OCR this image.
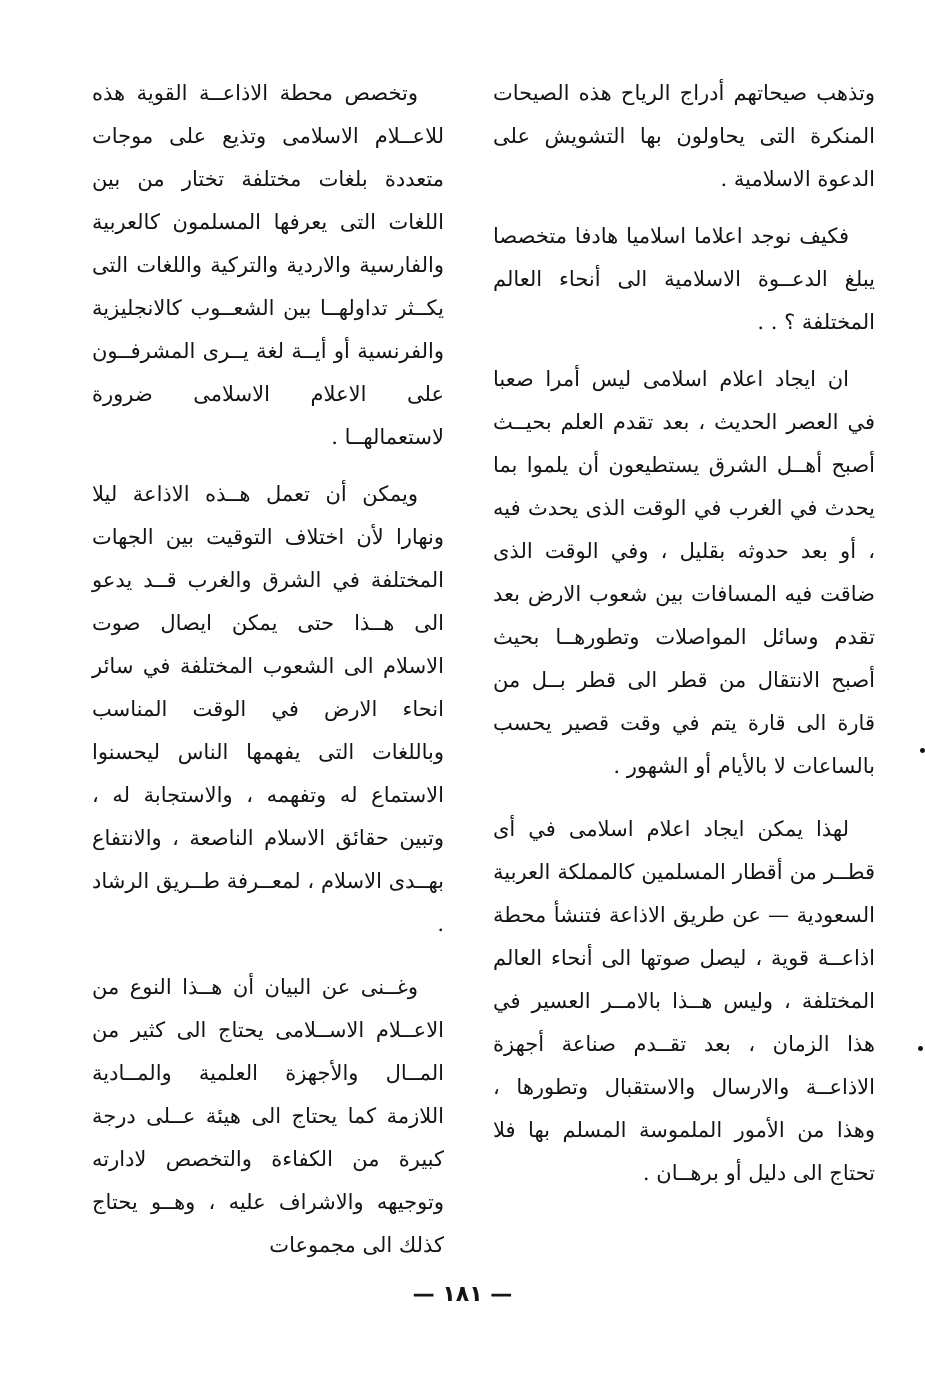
وتذهب صيحاتهم أدراج الرياح هذه الصيحات المنكرة التى يحاولون بها التشويش على الدعوة الاسلامية .

فكيف نوجد اعلاما اسلاميا هادفا متخصصا يبلغ الدعــوة الاسلامية الى أنحاء العالم المختلفة ؟ . .

ان ايجاد اعلام اسلامى ليس أمرا صعبا في العصر الحديث ، بعد تقدم العلم بحيــث أصبح أهــل الشرق يستطيعون أن يلموا بما يحدث في الغرب في الوقت الذى يحدث فيه ، أو بعد حدوثه بقليل ، وفي الوقت الذى ضاقت فيه المسافات بين شعوب الارض بعد تقدم وسائل المواصلات وتطورهــا بحيث أصبح الانتقال من قطر الى قطر بــل من قارة الى قارة يتم في وقت قصير يحسب بالساعات لا بالأيام أو الشهور .

لهذا يمكن ايجاد اعلام اسلامى في أى قطــر من أقطار المسلمين كالمملكة العربية السعودية — عن طريق الاذاعة فتنشأ محطة اذاعــة قوية ، ليصل صوتها الى أنحاء العالم المختلفة ، وليس هــذا بالامــر العسير في هذا الزمان ، بعد تقــدم صناعة أجهزة الاذاعــة والارسال والاستقبال وتطورها ، وهذا من الأمور الملموسة المسلم بها فلا تحتاج الى دليل أو برهــان .

وتخصص محطة الاذاعــة القوية هذه للاعــلام الاسلامى وتذيع على موجات متعددة بلغات مختلفة تختار من بين اللغات التى يعرفها المسلمون كالعربية والفارسية والاردية والتركية واللغات التى يكــثر تداولهــا بين الشعــوب كالانجليزية والفرنسية أو أيــة لغة يــرى المشرفــون على الاعلام الاسلامى ضرورة لاستعمالهــا .

ويمكن أن تعمل هــذه الاذاعة ليلا ونهارا لأن اختلاف التوقيت بين الجهات المختلفة في الشرق والغرب قــد يدعو الى هــذا حتى يمكن ايصال صوت الاسلام الى الشعوب المختلفة في سائر انحاء الارض في الوقت المناسب وباللغات التى يفهمها الناس ليحسنوا الاستماع له وتفهمه ، والاستجابة له ، وتبين حقائق الاسلام الناصعة ، والانتفاع بهــدى الاسلام ، لمعــرفة طــريق الرشاد .

وغــنى عن البيان أن هــذا النوع من الاعــلام الاســلامى يحتاج الى كثير من المــال والأجهزة العلمية والمــادية اللازمة كما يحتاج الى هيئة عــلى درجة كبيرة من الكفاءة والتخصص لادارته وتوجيهه والاشراف عليه ، وهــو يحتاج كذلك الى مجموعات

— ١٨١ —
